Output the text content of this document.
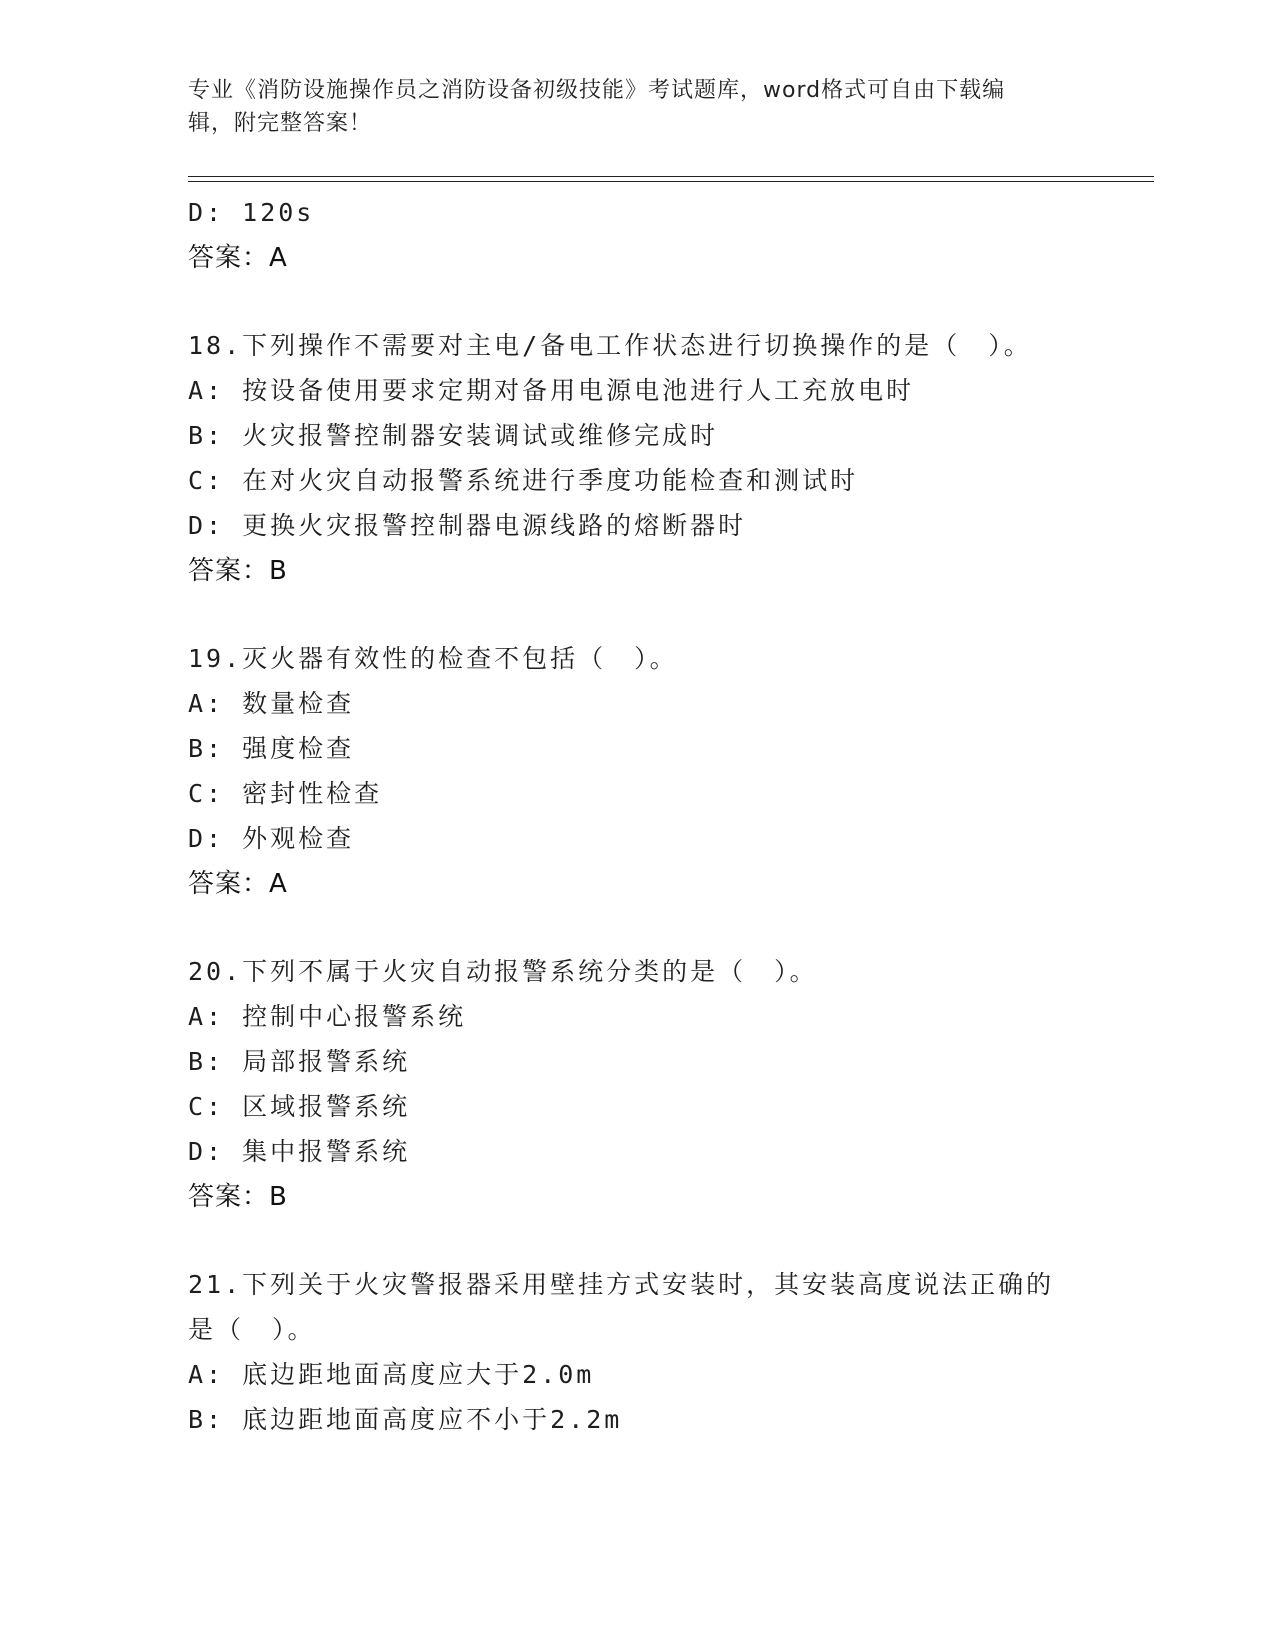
专业《消防设施操作员之消防设备初级技能》考试题库，word格式可自由下载编
辑，附完整答案！
D: 120s
答案：A
18.下列操作不需要对主电/备电工作状态进行切换操作的是（　）。
A: 按设备使用要求定期对备用电源电池进行人工充放电时
B: 火灾报警控制器安装调试或维修完成时
C: 在对火灾自动报警系统进行季度功能检查和测试时
D: 更换火灾报警控制器电源线路的熔断器时
答案：B
19.灭火器有效性的检查不包括（　）。
A: 数量检查
B: 强度检查
C: 密封性检查
D: 外观检查
答案：A
20.下列不属于火灾自动报警系统分类的是（　）。
A: 控制中心报警系统
B: 局部报警系统
C: 区域报警系统
D: 集中报警系统
答案：B
21.下列关于火灾警报器采用壁挂方式安装时，其安装高度说法正确的
是（　）。
A: 底边距地面高度应大于2.0m
B: 底边距地面高度应不小于2.2m
